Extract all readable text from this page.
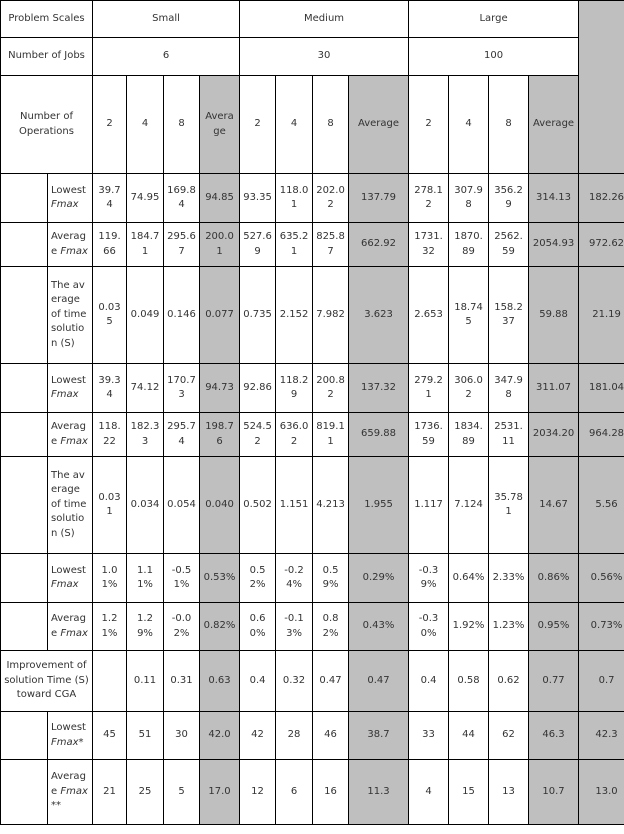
Problem Scales		Small				Medium				Large				
Number of Jobs		6				30				100				
Number of Operations		2	4	8	Average	2	4	8	Average	2	4	8	Average	
	Lowest Fmax	39.74	74.95	169.84	94.85	93.35	118.01	202.02	137.79	278.12	307.98	356.29	314.13	182.26
	Average Fmax	119.66	184.71	295.67	200.01	527.69	635.21	825.87	662.92	1731.32	1870.89	2562.59	2054.93	972.62
	The average of time solution (S)	0.035	0.049	0.146	0.077	0.735	2.152	7.982	3.623	2.653	18.745	158.237	59.88	21.19
	Lowest Fmax	39.34	74.12	170.73	94.73	92.86	118.29	200.82	137.32	279.21	306.02	347.98	311.07	181.04
	Average Fmax	118.22	182.33	295.74	198.76	524.52	636.02	819.11	659.88	1736.59	1834.89	2531.11	2034.20	964.28
	The average of time solution (S)	0.031	0.034	0.054	0.040	0.502	1.151	4.213	1.955	1.117	7.124	35.781	14.67	5.56
	Lowest Fmax	1.01%	1.1 1%	-0.51%	0.53%	0.52%	-0.24%	0.59%	0.29%	-0.39%	0.64%	2.33%	0.86%	0.56%
	Average Fmax	1.21%	1.29%	-0.02%	0.82%	0.60%	-0.13%	0.82%	0.43%	-0.30%	1.92%	1.23%	0.95%	0.73%
Improvement of solution Time (S) toward CGA			0.11	0.31	0.63	0.4	0.32	0.47	0.47	0.4	0.58	0.62	0.77	0.7
	Lowest Fmax*	45	51	30	42.0	42	28	46	38.7	33	44	62	46.3	42.3
	Average Fmax**	21	25	5	17.0	12	6	16	11.3	4	15	13	10.7	13.0
